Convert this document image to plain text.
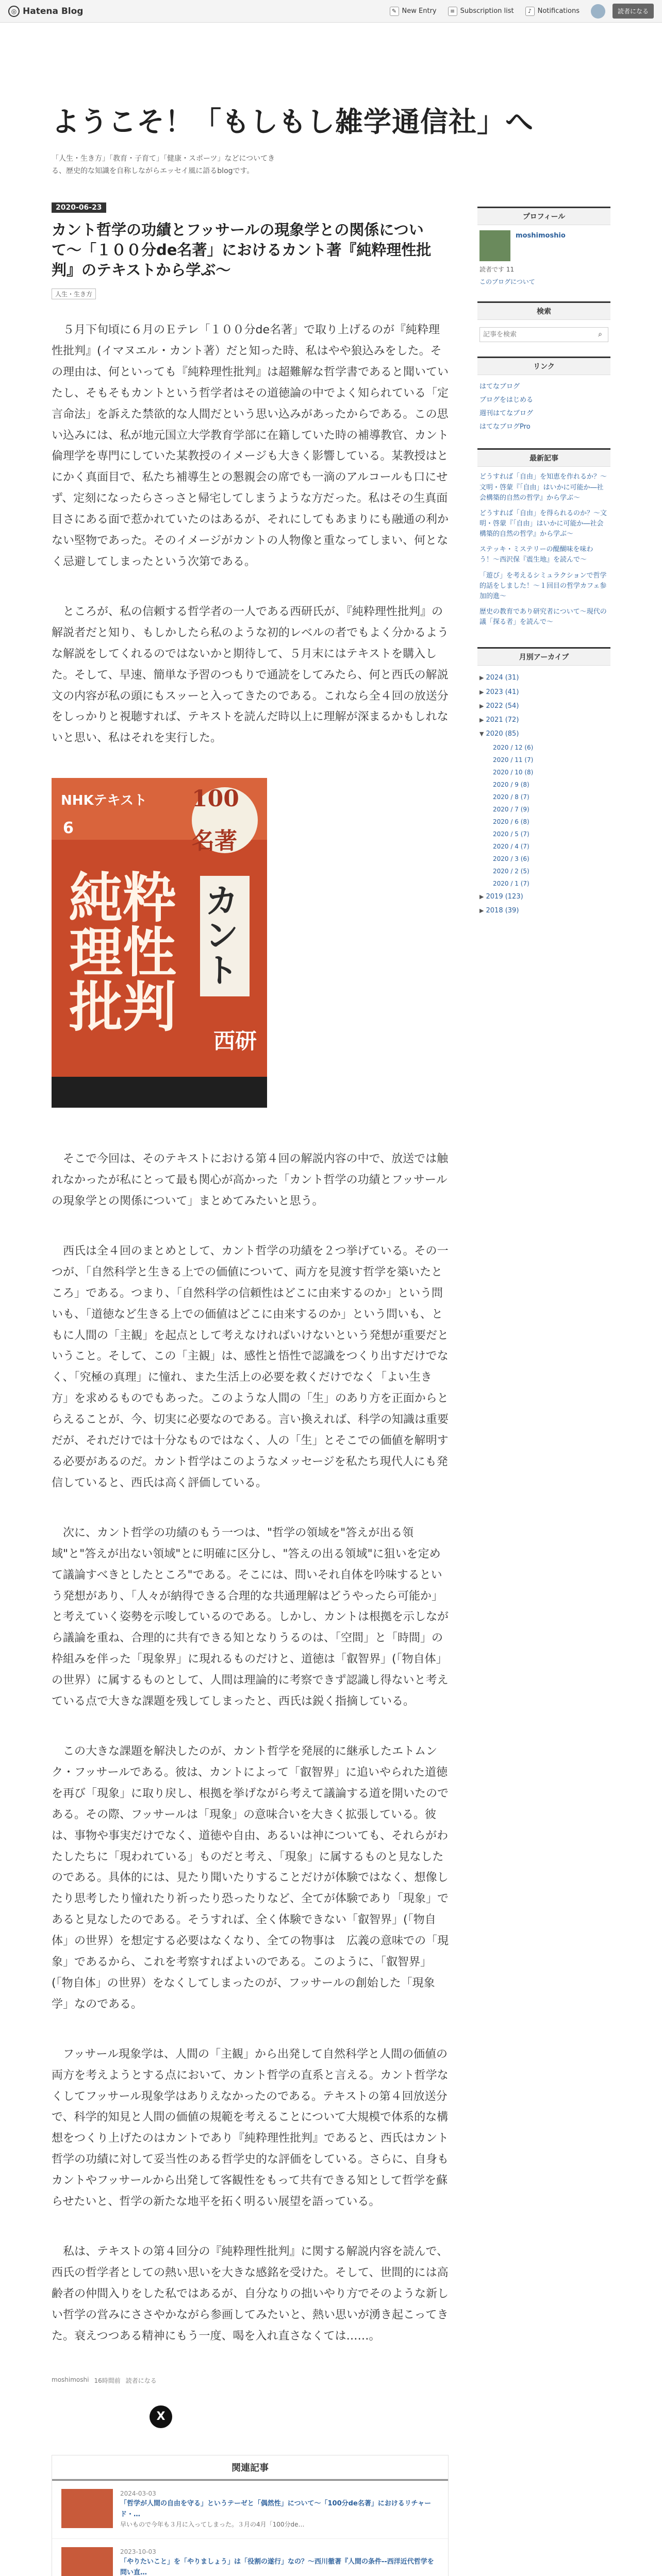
◎ Hatena Blog	✎ New Entry	≡ Subscription list	♪ Notifications	読者になる
ようこそ！「もしもし雑学通信社」へ

「人生・生き方」「教育・子育て」「健康・スポーツ」などについてきる、歴史的な知識を自称しながらエッセイ風に語るblogです。

2020-06-23
カント哲学の功績とフッサールの現象学との関係について〜「１００分de名著」におけるカント著『純粋理性批判』のテキストから学ぶ〜
人生・生き方

５月下旬頃に６月のＥテレ「１００分de名著」で取り上げるのが『純粋理性批判』(イマヌエル・カント著）だと知った時、私はやや狼込みをした。その理由は、何といっても『純粋理性批判』は超難解な哲学書であると聞いていたし、そもそもカントという哲学者はその道徳論の中でよく知られている「定言命法」を訴えた禁欲的な人間だという思い込みがあったからである。この思い込みには、私が地元国立大学教育学部に在籍していた時の補導教官、カント倫理学を専門にしていた某教授のイメージも大きく影響している。某教授はとにかく真面目で、私たち補導生との懇親会の席でも一滴のアルコールも口にせず、定刻になったらさっさと帰宅してしまうような方だった。私はその生真面目さにある面で惹かれていたのはあるが、それにしてもあまりにも融通の利かない堅物であった。そのイメージがカントの人物像と重なってしまい、何となく忌避してしまったという次第である。

ところが、私の信頼する哲学者の一人である西研氏が、『純粋理性批判』の解説者だと知り、もしかしたら私のような初的レベルの者でもよく分かるような解説をしてくれるのではないかと期待して、５月末にはテキストを購入した。そして、早速、簡単な予習のつもりで通読をしてみたら、何と西氏の解説文の内容が私の頭にもスッーと入ってきたのである。これなら全４回の放送分をしっかりと視聴すれば、テキストを読んだ時以上に理解が深まるかもしれないと思い、私はそれを実行した。

NHKテキスト
6
100名著
純粋理性批判
カント
西研

そこで今回は、そのテキストにおける第４回の解説内容の中で、放送では触れなかったが私にとって最も関心が高かった「カント哲学の功績とフッサールの現象学との関係について」まとめてみたいと思う。

西氏は全４回のまとめとして、カント哲学の功績を２つ挙げている。その一つが、「自然科学と生きる上での価値について、両方を見渡す哲学を築いたところ」である。つまり、「自然科学の信頼性はどこに由来するのか」という問いも、「道徳など生きる上での価値はどこに由来するのか」という問いも、ともに人間の「主観」を起点として考えなければいけないという発想が重要だということ。そして、この「主観」は、感性と悟性で認識をつくり出すだけでなく、「究極の真理」に憧れ、また生活上の必要を救くだけでなく「よい生き方」を求めるものでもあった。このような人間の「生」のあり方を正面からとらえることが、今、切実に必要なのである。言い換えれば、科学の知識は重要だが、それだけでは十分なものではなく、人の「生」とそこでの価値を解明する必要があるのだ。カント哲学はこのようなメッセージを私たち現代人にも発信していると、西氏は高く評価している。

次に、カント哲学の功績のもう一つは、"哲学の領域を"答えが出る領域"と"答えが出ない領域"とに明確に区分し、"答えの出る領域"に狙いを定めて議論すべきとしたところ"である。そこには、問いそれ自体を吟味するという発想があり、「人々が納得できる合理的な共通理解はどうやったら可能か」と考えていく姿勢を示唆しているのである。しかし、カントは根拠を示しながら議論を重ね、合理的に共有できる知となりうるのは、「空間」と「時間」の枠組みを伴った「現象界」に現れるものだけと、道徳は「叡智界」(「物自体」の世界）に属するものとして、人間は理論的に考察できず認識し得ないと考えている点で大きな課題を残してしまったと、西氏は鋭く指摘している。

この大きな課題を解決したのが、カント哲学を発展的に継承したエトムンク・フッサールである。彼は、カントによって「叡智界」に追いやられた道徳を再び「現象」に取り戻し、根拠を挙げながら考えて議論する道を開いたのである。その際、フッサールは「現象」の意味合いを大きく拡張している。彼は、事物や事実だけでなく、道徳や自由、あるいは神についても、それらがわたしたちに「現われている」ものだと考え、「現象」に属するものと見なしたのである。具体的には、見たり聞いたりすることだけが体験ではなく、想像したり思考したり憧れたり祈ったり恐ったりなど、全てが体験であり「現象」であると見なしたのである。そうすれば、全く体験できない「叡智界」(「物自体」の世界）を想定する必要はなくなり、全ての物事は　広義の意味での「現象」であるから、これを考察すればよいのである。このように、「叡智界」(「物自体」の世界）をなくしてしまったのが、フッサールの創始した「現象学」なのである。

フッサール現象学は、人間の「主観」から出発して自然科学と人間の価値の両方を考えようとする点において、カント哲学の直系と言える。カント哲学なくしてフッサール現象学はありえなかったのである。テキストの第４回放送分で、科学的知見と人間の価値の規範を考えることについて大規模で体系的な構想をつくり上げたのはカントであり『純粋理性批判』であると、西氏はカント哲学の功績に対して妥当性のある哲学史的な評価をしている。さらに、自身もカントやフッサールから出発して客観性をもって共有できる知として哲学を蘇らせたいと、哲学の新たな地平を拓く明るい展望を語っている。

私は、テキストの第４回分の『純粋理性批判』に関する解説内容を読んで、西氏の哲学者としての熱い思いを大きな感銘を受けた。そして、世間的には高齢者の仲間入りをした私ではあるが、自分なりの拙いやり方でそのような新しい哲学の営みにささやかながら参画してみたいと、熱い思いが湧き起こってきた。衰えつつある精神にもう一度、喝を入れ直さなくては……。

moshimoshi 16時間前 読者になる
X
関連記事
2024-03-03
「哲学が人間の自由を守る」というテーゼと「偶然性」について〜「100分de名著」におけるリチャード・…
早いもので今年も３月に入ってしまった。３月の4月「100分de…
2023-10-03
「やりたいこと」を「やりましょう」は「役割の遂行」なの？〜西川徹著『人間の条件--西洋近代哲学を問い直…
プロフィール
moshimoshio
読者です 11
このブログについて
検索
記事を検索
⌕
リンク
はてなブログ
ブログをはじめる
週刊はてなブログ
はてなブログPro
最新記事
どうすれば「自由」を知恵を作れるか？〜文明・啓蒙『「自由」はいかに可能か―社会構築的自然の哲学』から学ぶ〜
どうすれば「自由」を得られるのか？〜文明・啓蒙『「自由」はいかに可能か―社会構築的自然の哲学』から学ぶ〜
ステッキ・ミステリーの醍醐味を味わう！〜西沢保『震生地』を読んで〜
「遊び」を考えるシミュラクションで哲学的話をしました！〜１回目の哲学カフェ参加的進〜
歴史の教育であり研究者について〜現代の議「探る者」を読んで〜
月別アーカイブ
▶ 2024 (31)
▶ 2023 (41)
▶ 2022 (54)
▶ 2021 (72)
▼ 2020 (85)
2020 / 12 (6)
2020 / 11 (7)
2020 / 10 (8)
2020 / 9 (8)
2020 / 8 (7)
2020 / 7 (9)
2020 / 6 (8)
2020 / 5 (7)
2020 / 4 (7)
2020 / 3 (6)
2020 / 2 (5)
2020 / 1 (7)
▶ 2019 (123)
▶ 2018 (39)
